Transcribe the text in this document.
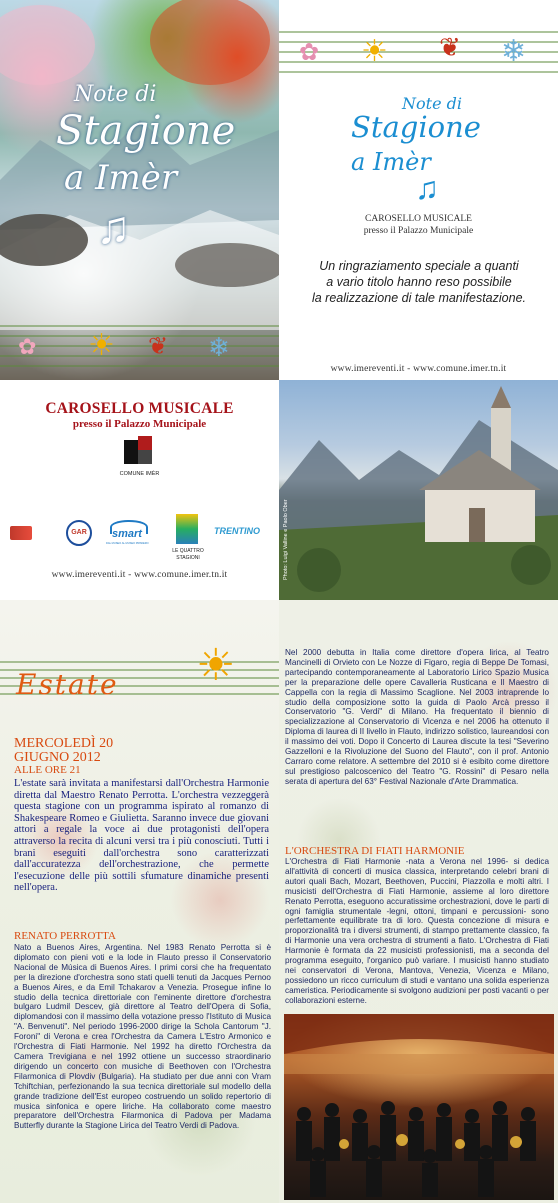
Note di
Stagione
a Imèr
♫
✿ ☀ ❦ ❄
✿ ☀ ❦ ❄
Note di
Stagione
a Imèr
♫
CAROSELLO MUSICALE
presso il Palazzo Municipale
Un ringraziamento speciale a quanti
a vario titolo hanno reso possibile
la realizzazione di tale manifestazione.
www.imereventi.it - www.comune.imer.tn.it
CAROSELLO MUSICALE
presso il Palazzo Municipale
COMUNE IMÈR
GAR	smart
DAL MUSEO AL MUSEO PRIMIERO
LE QUATTRO
STAGIONI
TRENTINO
www.imereventi.it - www.comune.imer.tn.it	Photo: Luigi Valline e Paolo Ober
☀
Estate
MERCOLEDÌ 20
GIUGNO 2012
ALLE ORE 21
L'estate sarà invitata a manifestarsi dall'Orchestra Harmonie diretta dal Maestro Renato Perrotta. L'orchestra vezzeggerà questa stagione con un programma ispirato al romanzo di Shakespeare Romeo e Giulietta. Saranno invece due giovani attori a regale la voce ai due protagonisti dell'opera attraverso la recita di alcuni versi tra i più conosciuti. Tutti i brani eseguiti dall'orchestra sono caratterizzati dall'accuratezza dell'orchestrazione, che permette l'esecuzione delle più sottili sfumature dinamiche presenti nell'opera.
RENATO PERROTTA
Nato a Buenos Aires, Argentina. Nel 1983 Renato Perrotta si è diplomato con pieni voti e la lode in Flauto presso il Conservatorio Nacional de Música di Buenos Aires. I primi corsi che ha frequentato per la direzione d'orchestra sono stati quelli tenuti da Jacques Pernoo a Buenos Aires, e da Emil Tchakarov a Venezia. Prosegue infine lo studio della tecnica direttoriale con l'eminente direttore d'orchestra bulgaro Ludmil Descev, già direttore al Teatro dell'Opera di Sofia, diplomandosi con il massimo della votazione presso l'Istituto di Musica "A. Benvenuti". Nel periodo 1996-2000 dirige la Schola Cantorum "J. Foroni" di Verona e crea l'Orchestra da Camera L'Estro Armonico e l'Orchestra di Fiati Harmonie. Nel 1992 ha diretto l'Orchestra da Camera Trevigiana e nel 1992 ottiene un successo straordinario dirigendo un concerto con musiche di Beethoven con l'Orchestra Filarmonica di Plovdiv (Bulgaria). Ha studiato per due anni con Vram Tchiftchian, perfezionando la sua tecnica direttoriale sul modello della grande tradizione dell'Est europeo costruendo un solido repertorio di musica sinfonica e opere liriche. Ha collaborato come maestro preparatore dell'Orchestra Filarmonica di Padova per Madama Butterfly durante la Stagione Lirica del Teatro Verdi di Padova.
Nel 2000 debutta in Italia come direttore d'opera lirica, al Teatro Mancinelli di Orvieto con Le Nozze di Figaro, regia di Beppe De Tomasi, partecipando contemporaneamente al Laboratorio Lirico Spazio Musica per la preparazione delle opere Cavalleria Rusticana e Il Maestro di Cappella con la regia di Massimo Scaglione. Nel 2003 intraprende lo studio della composizione sotto la guida di Paolo Arcà presso il Conservatorio "G. Verdi" di Milano. Ha frequentato il biennio di specializzazione al Conservatorio di Vicenza e nel 2006 ha ottenuto il Diploma di laurea di II livello in Flauto, indirizzo solistico, laureandosi con il massimo dei voti. Dopo il Concerto di Laurea discute la tesi "Severino Gazzelloni e la Rivoluzione del Suono del Flauto", con il prof. Antonio Carraro come relatore. A settembre del 2010 si è esibito come direttore sul prestigioso palcoscenico del Teatro "G. Rossini" di Pesaro nella serata di apertura del 63° Festival Nazionale d'Arte Drammatica.
L'ORCHESTRA DI FIATI HARMONIE
L'Orchestra di Fiati Harmonie -nata a Verona nel 1996- si dedica all'attività di concerti di musica classica, interpretando celebri brani di autori quali Bach, Mozart, Beethoven, Puccini, Piazzolla e molti altri. I musicisti dell'Orchestra di Fiati Harmonie, assieme al loro direttore Renato Perrotta, eseguono accuratissime orchestrazioni, dove le parti di ogni famiglia strumentale -legni, ottoni, timpani e percussioni- sono perfettamente equilibrate tra di loro. Questa concezione di misura e proporzionalità tra i diversi strumenti, di stampo prettamente classico, fa di Harmonie una vera orchestra di strumenti a fiato. L'Orchestra di Fiati Harmonie è formata da 22 musicisti professionisti, ma a seconda del programma eseguito, l'organico può variare. I musicisti hanno studiato nei conservatori di Verona, Mantova, Venezia, Vicenza e Milano, possiedono un ricco curriculum di studi e vantano una solida esperienza cameristica. Periodicamente si svolgono audizioni per posti vacanti o per collaborazioni esterne.
